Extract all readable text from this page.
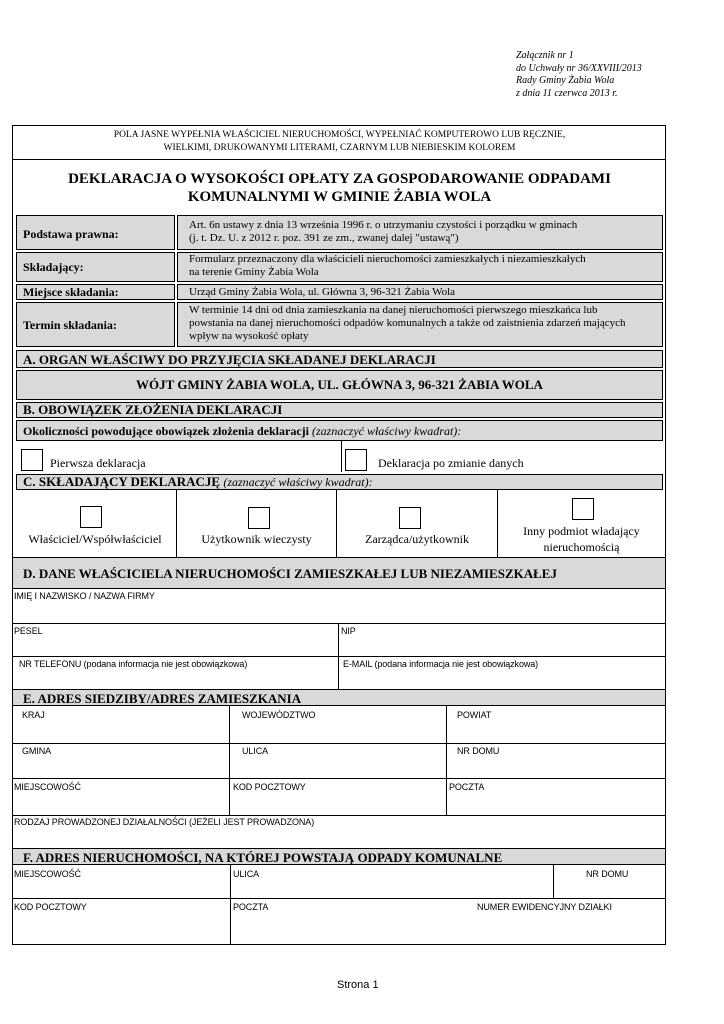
Załącznik nr 1
do Uchwały nr 36/XXVIII/2013
Rady Gminy Żabia Wola
z dnia 11 czerwca 2013 r.
POLA JASNE WYPEŁNIA WŁAŚCICIEL NIERUCHOMOŚCI, WYPEŁNIAĆ KOMPUTEROWO LUB RĘCZNIE,
WIELKIMI, DRUKOWANYMI LITERAMI, CZARNYM LUB NIEBIESKIM KOLOREM
DEKLARACJA O WYSOKOŚCI OPŁATY ZA GOSPODAROWANIE ODPADAMI
KOMUNALNYMI W GMINIE ŻABIA WOLA
Podstawa prawna:
Art. 6n ustawy z dnia 13 września 1996 r. o utrzymaniu czystości i porządku w gminach
(j. t. Dz. U. z 2012 r. poz. 391 ze zm., zwanej dalej "ustawą")
Składający:
Formularz przeznaczony dla właścicieli nieruchomości zamieszkałych i niezamieszkałych
na terenie Gminy Żabia Wola
Miejsce składania:	Urząd Gminy Żabia Wola, ul. Główna 3, 96-321 Żabia Wola
Termin składania:
W terminie 14 dni od dnia zamieszkania na danej nieruchomości pierwszego mieszkańca lub
powstania na danej nieruchomości odpadów komunalnych a także od zaistnienia zdarzeń mających
wpływ na wysokość opłaty
A. ORGAN WŁAŚCIWY DO PRZYJĘCIA SKŁADANEJ DEKLARACJI
WÓJT GMINY ŻABIA WOLA, UL. GŁÓWNA 3, 96-321 ŻABIA WOLA
B. OBOWIĄZEK ZŁOŻENIA DEKLARACJI
Okoliczności powodujące obowiązek złożenia deklaracji (zaznaczyć właściwy kwadrat):
Pierwsza deklaracja	Deklaracja po zmianie danych
C. SKŁADAJĄCY DEKLARACJĘ (zaznaczyć właściwy kwadrat):
Właściciel/Współwłaściciel	Użytkownik wieczysty	Zarządca/użytkownik
Inny podmiot władający
nieruchomością
D. DANE WŁAŚCICIELA NIERUCHOMOŚCI ZAMIESZKAŁEJ LUB NIEZAMIESZKAŁEJ
IMIĘ I NAZWISKO / NAZWA FIRMY
PESEL	NIP
NR TELEFONU (podana informacja nie jest obowiązkowa)	E-MAIL (podana informacja nie jest obowiązkowa)
E. ADRES SIEDZIBY/ADRES ZAMIESZKANIA
KRAJ	WOJEWÓDZTWO	POWIAT
GMINA	ULICA	NR DOMU
MIEJSCOWOŚĆ	KOD POCZTOWY	POCZTA
RODZAJ PROWADZONEJ DZIAŁALNOŚCI (JEŻELI JEST PROWADZONA)
F. ADRES NIERUCHOMOŚCI, NA KTÓREJ POWSTAJĄ ODPADY KOMUNALNE
MIEJSCOWOŚĆ	ULICA	NR DOMU
KOD POCZTOWY	POCZTA	NUMER EWIDENCYJNY DZIAŁKI
Strona 1
